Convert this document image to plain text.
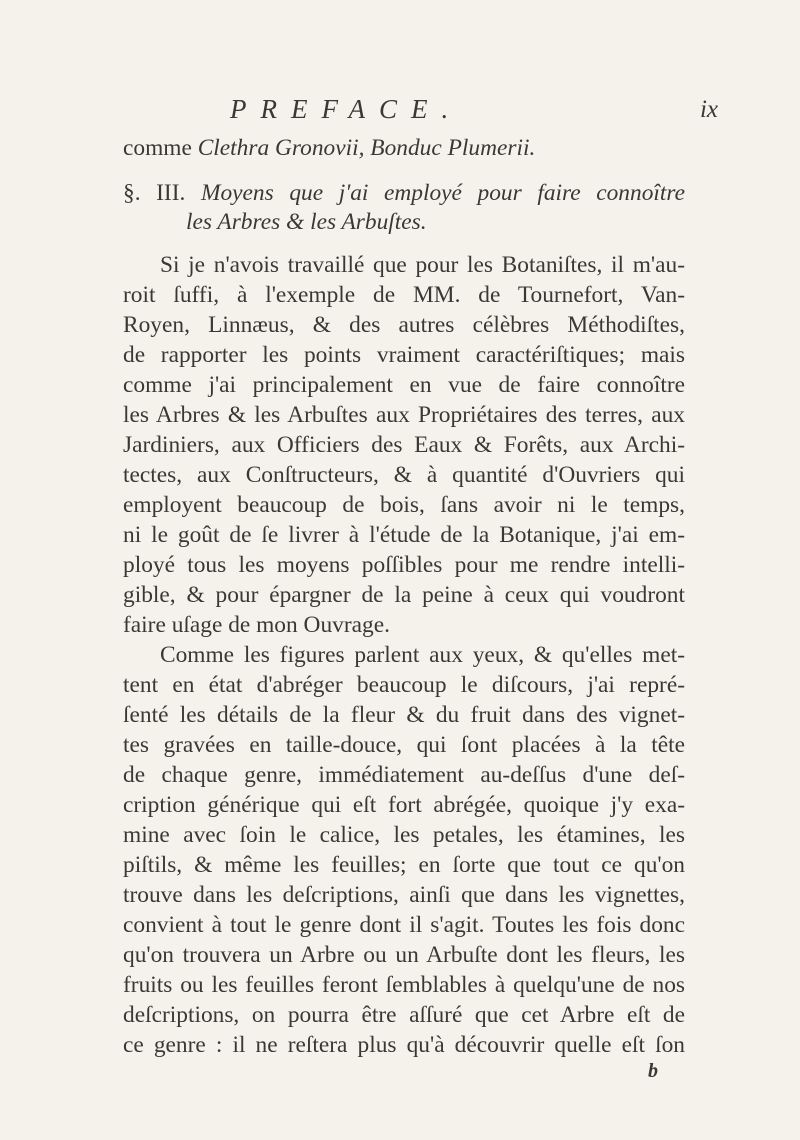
PREFACE.	ix
comme Clethra Gronovii, Bonduc Plumerii.
§. III. Moyens que j'ai employé pour faire connoître
les Arbres & les Arbuſtes.
Si je n'avois travaillé que pour les Botaniſtes, il m'au-
roit ſuffi, à l'exemple de MM. de Tournefort, Van-
Royen, Linnæus, & des autres célèbres Méthodiſtes,
de rapporter les points vraiment caractériſtiques; mais
comme j'ai principalement en vue de faire connoître
les Arbres & les Arbuſtes aux Propriétaires des terres, aux
Jardiniers, aux Officiers des Eaux & Forêts, aux Archi-
tectes, aux Conſtructeurs, & à quantité d'Ouvriers qui
employent beaucoup de bois, ſans avoir ni le temps,
ni le goût de ſe livrer à l'étude de la Botanique, j'ai em-
ployé tous les moyens poſſibles pour me rendre intelli-
gible, & pour épargner de la peine à ceux qui voudront
faire uſage de mon Ouvrage.
Comme les figures parlent aux yeux, & qu'elles met-
tent en état d'abréger beaucoup le diſcours, j'ai repré-
ſenté les détails de la fleur & du fruit dans des vignet-
tes gravées en taille-douce, qui ſont placées à la tête
de chaque genre, immédiatement au-deſſus d'une deſ-
cription générique qui eſt fort abrégée, quoique j'y exa-
mine avec ſoin le calice, les petales, les étamines, les
piſtils, & même les feuilles; en ſorte que tout ce qu'on
trouve dans les deſcriptions, ainſi que dans les vignettes,
convient à tout le genre dont il s'agit. Toutes les fois donc
qu'on trouvera un Arbre ou un Arbuſte dont les fleurs, les
fruits ou les feuilles feront ſemblables à quelqu'une de nos
deſcriptions, on pourra être aſſuré que cet Arbre eſt de
ce genre : il ne reſtera plus qu'à découvrir quelle eſt ſon
b
